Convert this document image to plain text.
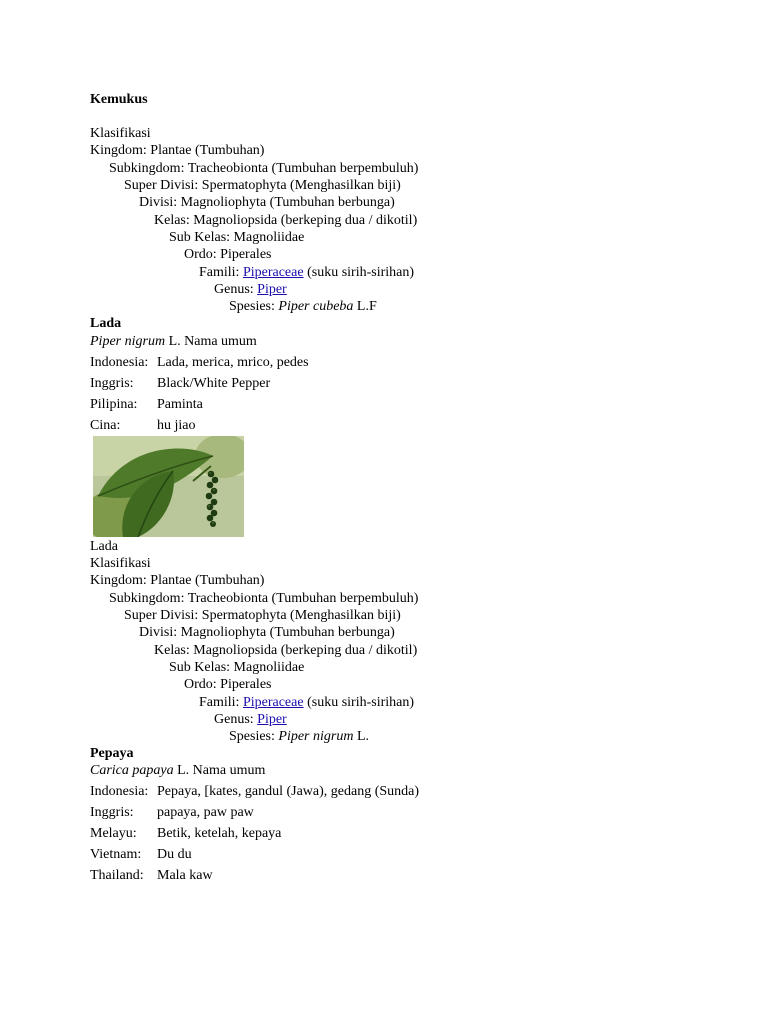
Kemukus
Klasifikasi
Kingdom: Plantae (Tumbuhan)
Subkingdom: Tracheobionta (Tumbuhan berpembuluh)
Super Divisi: Spermatophyta (Menghasilkan biji)
Divisi: Magnoliophyta (Tumbuhan berbunga)
Kelas: Magnoliopsida (berkeping dua / dikotil)
Sub Kelas: Magnoliidae
Ordo: Piperales
Famili: Piperaceae (suku sirih-sirihan)
Genus: Piper
Spesies: Piper cubeba L.F
Lada
Piper nigrum L. Nama umum
Indonesia: Lada, merica, mrico, pedes
Inggris: Black/White Pepper
Pilipina: Paminta
Cina:	hu jiao
Lada
Klasifikasi
Kingdom: Plantae (Tumbuhan)
Subkingdom: Tracheobionta (Tumbuhan berpembuluh)
Super Divisi: Spermatophyta (Menghasilkan biji)
Divisi: Magnoliophyta (Tumbuhan berbunga)
Kelas: Magnoliopsida (berkeping dua / dikotil)
Sub Kelas: Magnoliidae
Ordo: Piperales
Famili: Piperaceae (suku sirih-sirihan)
Genus: Piper
Spesies: Piper nigrum L.
Pepaya
Carica papaya L. Nama umum
Indonesia: Pepaya, [kates, gandul (Jawa), gedang (Sunda)
Inggris: papaya, paw paw
Melayu: Betik, ketelah, kepaya
Vietnam: Du du
Thailand: Mala kaw
